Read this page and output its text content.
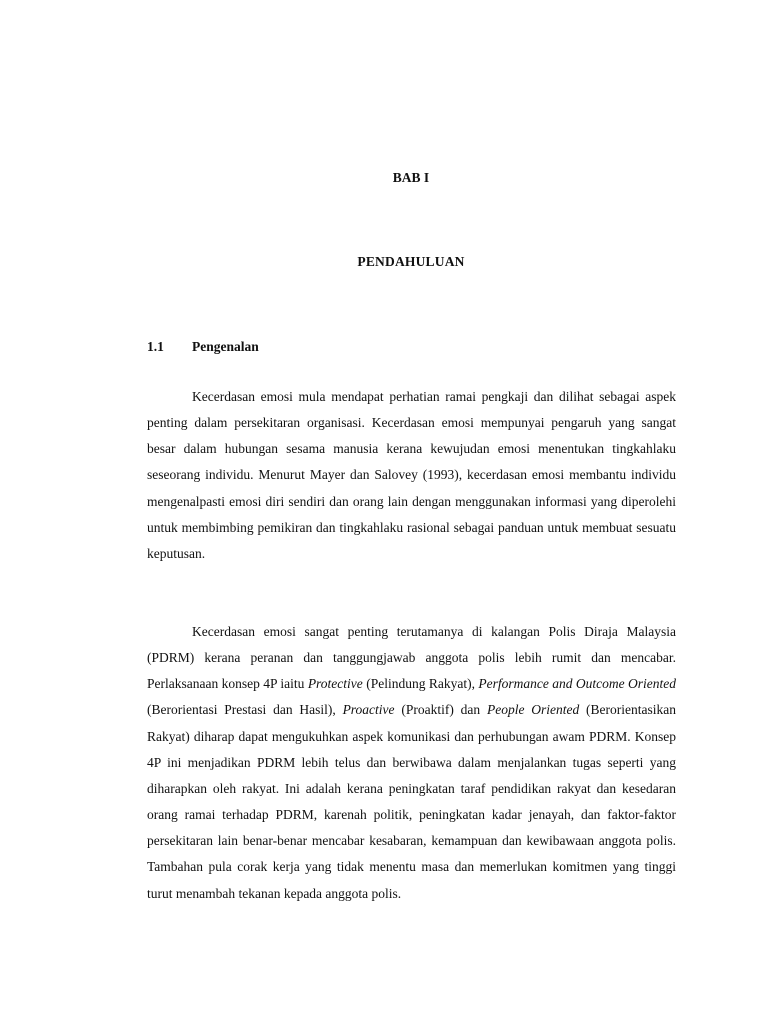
BAB I
PENDAHULUAN
1.1 Pengenalan

Kecerdasan emosi mula mendapat perhatian ramai pengkaji dan dilihat sebagai aspek penting dalam persekitaran organisasi. Kecerdasan emosi mempunyai pengaruh yang sangat besar dalam hubungan sesama manusia kerana kewujudan emosi menentukan tingkahlaku seseorang individu. Menurut Mayer dan Salovey (1993), kecerdasan emosi membantu individu mengenalpasti emosi diri sendiri dan orang lain dengan menggunakan informasi yang diperolehi untuk membimbing pemikiran dan tingkahlaku rasional sebagai panduan untuk membuat sesuatu keputusan.

Kecerdasan emosi sangat penting terutamanya di kalangan Polis Diraja Malaysia (PDRM) kerana peranan dan tanggungjawab anggota polis lebih rumit dan mencabar. Perlaksanaan konsep 4P iaitu Protective (Pelindung Rakyat), Performance and Outcome Oriented (Berorientasi Prestasi dan Hasil), Proactive (Proaktif) dan People Oriented (Berorientasikan Rakyat) diharap dapat mengukuhkan aspek komunikasi dan perhubungan awam PDRM. Konsep 4P ini menjadikan PDRM lebih telus dan berwibawa dalam menjalankan tugas seperti yang diharapkan oleh rakyat. Ini adalah kerana peningkatan taraf pendidikan rakyat dan kesedaran orang ramai terhadap PDRM, karenah politik, peningkatan kadar jenayah, dan faktor-faktor persekitaran lain benar-benar mencabar kesabaran, kemampuan dan kewibawaan anggota polis. Tambahan pula corak kerja yang tidak menentu masa dan memerlukan komitmen yang tinggi turut menambah tekanan kepada anggota polis.
